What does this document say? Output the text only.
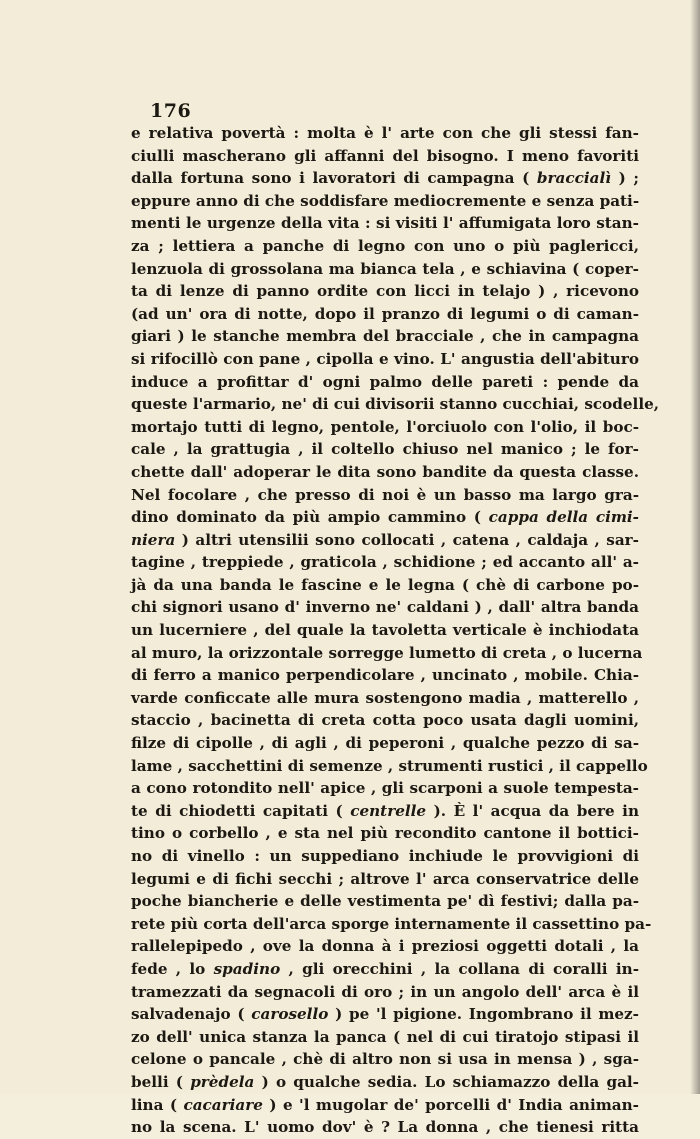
176
e relativa povertà : molta è l' arte con che gli stessi fan-
ciulli mascherano gli affanni del bisogno. I meno favoriti
dalla fortuna sono i lavoratori di campagna ( braccialì ) ;
eppure anno di che soddisfare mediocremente e senza pati-
menti le urgenze della vita : si visiti l' affumigata loro stan-
za ; lettiera a panche di legno con uno o più paglericci,
lenzuola di grossolana ma bianca tela , e schiavina ( coper-
ta di lenze di panno ordite con licci in telajo ) , ricevono
(ad un' ora di notte, dopo il pranzo di legumi o di caman-
giari ) le stanche membra del bracciale , che in campagna
si rifocillò con pane , cipolla e vino. L' angustia dell'abituro
induce a profittar d' ogni palmo delle pareti : pende da
queste l'armario, ne' di cui divisorii stanno cucchiai, scodelle,
mortajo tutti di legno, pentole, l'orciuolo con l'olio, il boc-
cale , la grattugia , il coltello chiuso nel manico ; le for-
chette dall' adoperar le dita sono bandite da questa classe.
Nel focolare , che presso di noi è un basso ma largo gra-
dino dominato da più ampio cammino ( cappa della cimi-
niera ) altri utensilii sono collocati , catena , caldaja , sar-
tagine , treppiede , graticola , schidione ; ed accanto all' a-
jà da una banda le fascine e le legna ( chè di carbone po-
chi signori usano d' inverno ne' caldani ) , dall' altra banda
un lucerniere , del quale la tavoletta verticale è inchiodata
al muro, la orizzontale sorregge lumetto di creta , o lucerna
di ferro a manico perpendicolare , uncinato , mobile. Chia-
varde conficcate alle mura sostengono madia , matterello ,
staccio , bacinetta di creta cotta poco usata dagli uomini,
filze di cipolle , di agli , di peperoni , qualche pezzo di sa-
lame , sacchettini di semenze , strumenti rustici , il cappello
a cono rotondito nell' apice , gli scarponi a suole tempesta-
te di chiodetti capitati ( centrelle ). È l' acqua da bere in
tino o corbello , e sta nel più recondito cantone il bottici-
no di vinello : un suppediano inchiude le provvigioni di
legumi e di fichi secchi ; altrove l' arca conservatrice delle
poche biancherie e delle vestimenta pe' dì festivi; dalla pa-
rete più corta dell'arca sporge internamente il cassettino pa-
rallelepipedo , ove la donna à i preziosi oggetti dotali , la
fede , lo spadino , gli orecchini , la collana di coralli in-
tramezzati da segnacoli di oro ; in un angolo dell' arca è il
salvadenajo ( carosello ) pe 'l pigione. Ingombrano il mez-
zo dell' unica stanza la panca ( nel di cui tiratojo stipasi il
celone o pancale , chè di altro non si usa in mensa ) , sga-
belli ( prèdela ) o qualche sedia. Lo schiamazzo della gal-
lina ( cacariare ) e 'l mugolar de' porcelli d' India animan-
no la scena. L' uomo dov' è ? La donna , che tienesi ritta
